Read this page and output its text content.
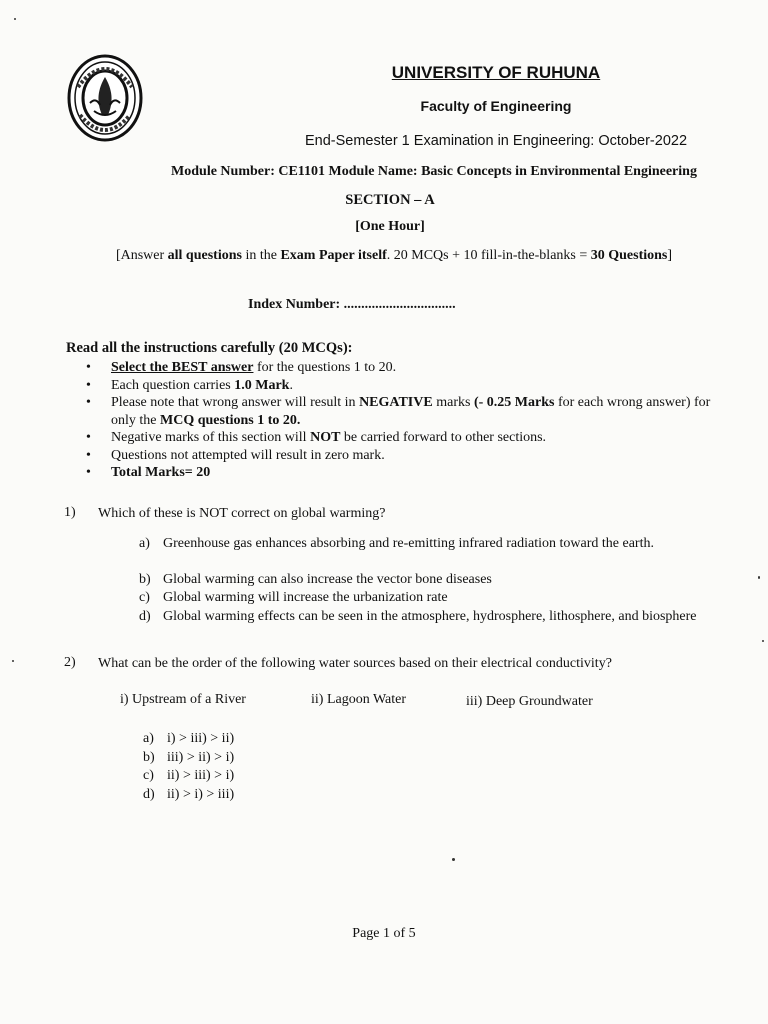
UNIVERSITY OF RUHUNA
Faculty of Engineering
End-Semester 1 Examination in Engineering: October-2022
Module Number: CE1101 Module Name: Basic Concepts in Environmental Engineering
SECTION – A
[One Hour]
[Answer all questions in the Exam Paper itself. 20 MCQs + 10 fill-in-the-blanks = 30 Questions]
Index Number: ................................
Read all the instructions carefully (20 MCQs):
• Select the BEST answer for the questions 1 to 20.
• Each question carries 1.0 Mark.
• Please note that wrong answer will result in NEGATIVE marks (- 0.25 Marks for each wrong answer) for only the MCQ questions 1 to 20.
• Negative marks of this section will NOT be carried forward to other sections.
• Questions not attempted will result in zero mark.
• Total Marks= 20
1) Which of these is NOT correct on global warming?
a) Greenhouse gas enhances absorbing and re-emitting infrared radiation toward the earth.
b) Global warming can also increase the vector bone diseases
c) Global warming will increase the urbanization rate
d) Global warming effects can be seen in the atmosphere, hydrosphere, lithosphere, and biosphere
2) What can be the order of the following water sources based on their electrical conductivity?
i) Upstream of a River	ii) Lagoon Water	iii) Deep Groundwater
a) i) > iii) > ii)
b) iii) > ii) > i)
c) ii) > iii) > i)
d) ii) > i) > iii)
Page 1 of 5
